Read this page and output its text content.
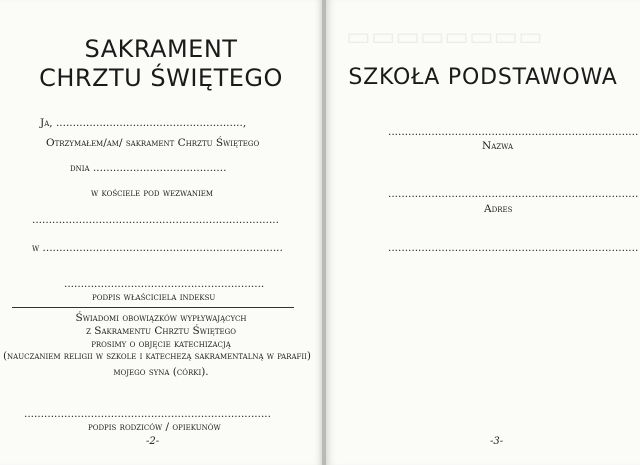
SAKRAMENT
CHRZTU ŚWIĘTEGO
Ja, ........................................................,
Otrzymałem/am/ sakrament Chrztu Świętego
dnia ........................................
w kościele pod wezwaniem
..........................................................................
w ........................................................................
............................................................
podpis właściciela indeksu
Świadomi obowiązków wypływających
z Sakramentu Chrztu Świętego
prosimy o objęcie katechizacją
(nauczaniem religii w szkole i katechezą sakramentalną w parafii)
mojego syna (córki).
..........................................................................
podpis rodziców / opiekunów
-2-
▭▭▭▭▭▭▭▭
SZKOŁA PODSTAWOWA
...........................................................................
Nazwa
...........................................................................
Adres
...........................................................................
-3-
